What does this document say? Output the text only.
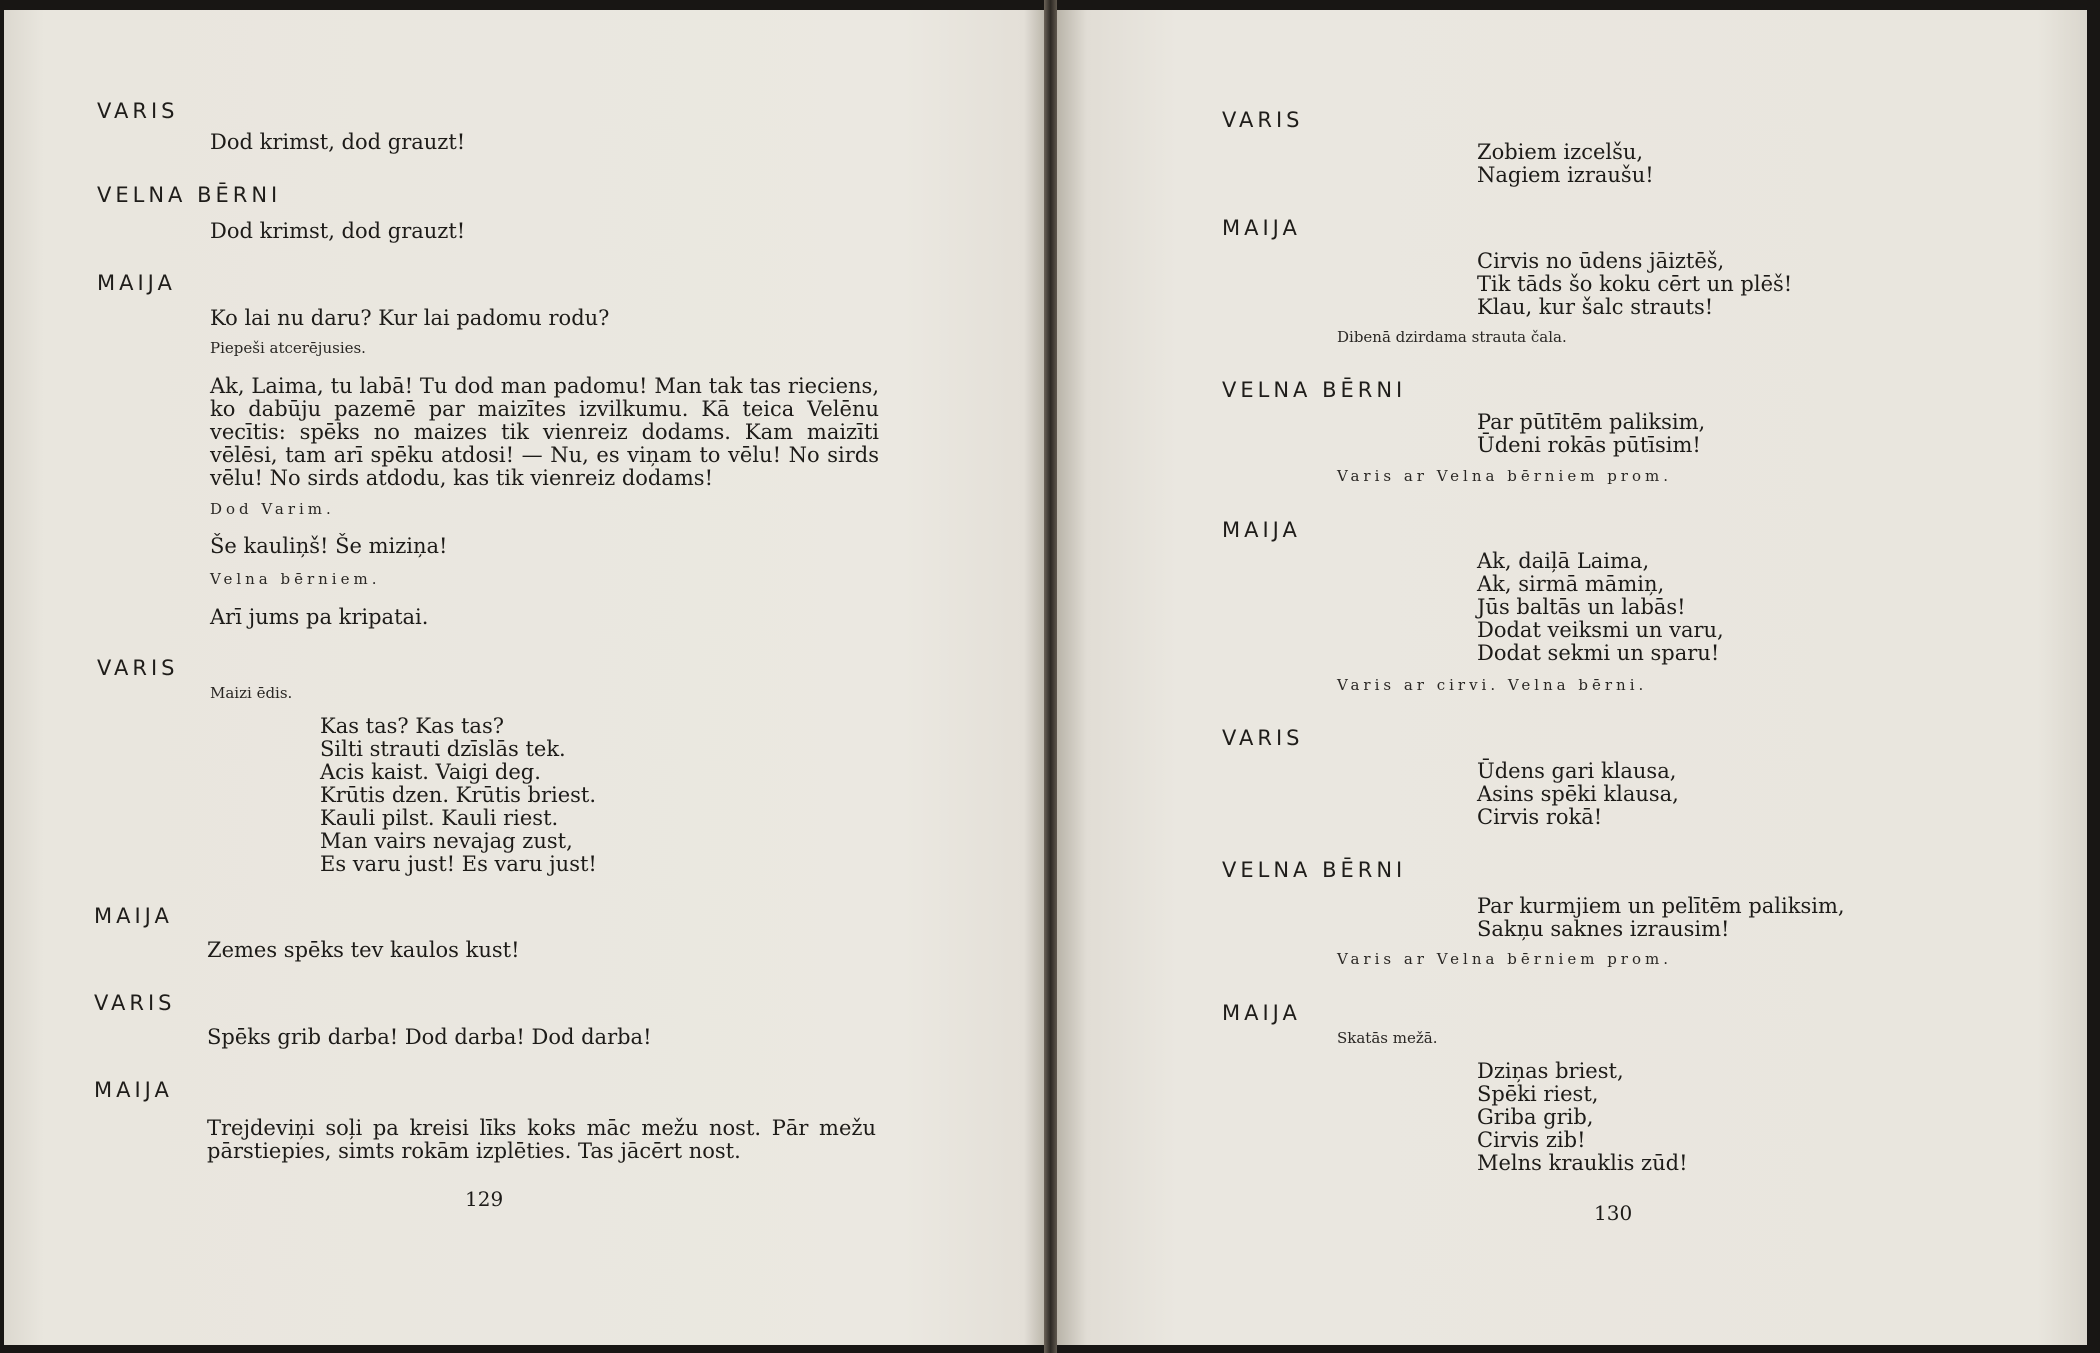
VARIS
Dod krimst, dod grauzt!
VELNA BĒRNI
Dod krimst, dod grauzt!
MAIJA
Ko lai nu daru? Kur lai padomu rodu?
Piepeši atcerējusies.
Ak, Laima, tu labā! Tu dod man padomu! Man tak tas rieciens, ko dabūju pazemē par maizītes izvilkumu. Kā teica Velēnu vecītis: spēks no maizes tik vienreiz dodams. Kam maizīti vēlēsi, tam arī spēku atdosi! — Nu, es viņam to vēlu! No sirds vēlu! No sirds atdodu, kas tik vienreiz dodams!
Dod Varim.
Še kauliņš! Še miziņa!
Velna bērniem.
Arī jums pa kripatai.
VARIS
Maizi ēdis.
Kas tas? Kas tas?
Silti strauti dzīslās tek.
Acis kaist. Vaigi deg.
Krūtis dzen. Krūtis briest.
Kauli pilst. Kauli riest.
Man vairs nevajag zust,
Es varu just! Es varu just!
MAIJA
Zemes spēks tev kaulos kust!
VARIS
Spēks grib darba! Dod darba! Dod darba!
MAIJA
Trejdeviņi soļi pa kreisi līks koks māc mežu nost. Pār mežu pārstiepies, simts rokām izplēties. Tas jācērt nost.
129
VARIS
Zobiem izcelšu,
Nagiem izraušu!
MAIJA
Cirvis no ūdens jāiztēš,
Tik tāds šo koku cērt un plēš!
Klau, kur šalc strauts!
Dibenā dzirdama strauta čala.
VELNA BĒRNI
Par pūtītēm paliksim,
Ūdeni rokās pūtīsim!
Varis ar Velna bērniem prom.
MAIJA
Ak, daiļā Laima,
Ak, sirmā māmiņ,
Jūs baltās un labās!
Dodat veiksmi un varu,
Dodat sekmi un sparu!
Varis ar cirvi. Velna bērni.
VARIS
Ūdens gari klausa,
Asins spēki klausa,
Cirvis rokā!
VELNA BĒRNI
Par kurmjiem un pelītēm paliksim,
Sakņu saknes izrausim!
Varis ar Velna bērniem prom.
MAIJA
Skatās mežā.
Dziņas briest,
Spēki riest,
Griba grib,
Cirvis zib!
Melns krauklis zūd!
130
